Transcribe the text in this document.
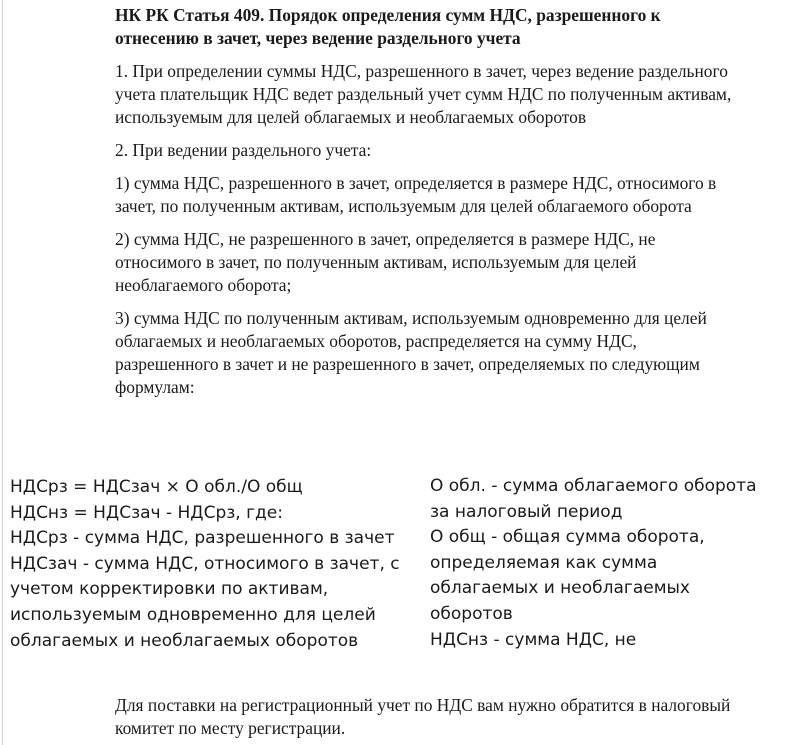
НК РК Статья 409. Порядок определения сумм НДС, разрешенного к отнесению в зачет, через ведение раздельного учета

1. При определении суммы НДС, разрешенного в зачет, через ведение раздельного учета плательщик НДС ведет раздельный учет сумм НДС по полученным активам, используемым для целей облагаемых и необлагаемых оборотов

2. При ведении раздельного учета:

1) сумма НДС, разрешенного в зачет, определяется в размере НДС, относимого в зачет, по полученным активам, используемым для целей облагаемого оборота

2) сумма НДС, не разрешенного в зачет, определяется в размере НДС, не относимого в зачет, по полученным активам, используемым для целей необлагаемого оборота;

3) сумма НДС по полученным активам, используемым одновременно для целей облагаемых и необлагаемых оборотов, распределяется на сумму НДС, разрешенного в зачет и не разрешенного в зачет, определяемых по следующим формулам:

НДСрз = НДСзач × О обл./О общ
НДСнз = НДСзач - НДСрз, где:
НДСрз - сумма НДС, разрешенного в зачет
НДСзач - сумма НДС, относимого в зачет, с
учетом корректировки по активам,
используемым одновременно для целей
облагаемых и необлагаемых оборотов
О обл. - сумма облагаемого оборота
за налоговый период
О общ - общая сумма оборота,
определяемая как сумма
облагаемых и необлагаемых
оборотов
НДСнз - сумма НДС, не
Для поставки на регистрационный учет по НДС вам нужно обратится в налоговый комитет по месту регистрации.
